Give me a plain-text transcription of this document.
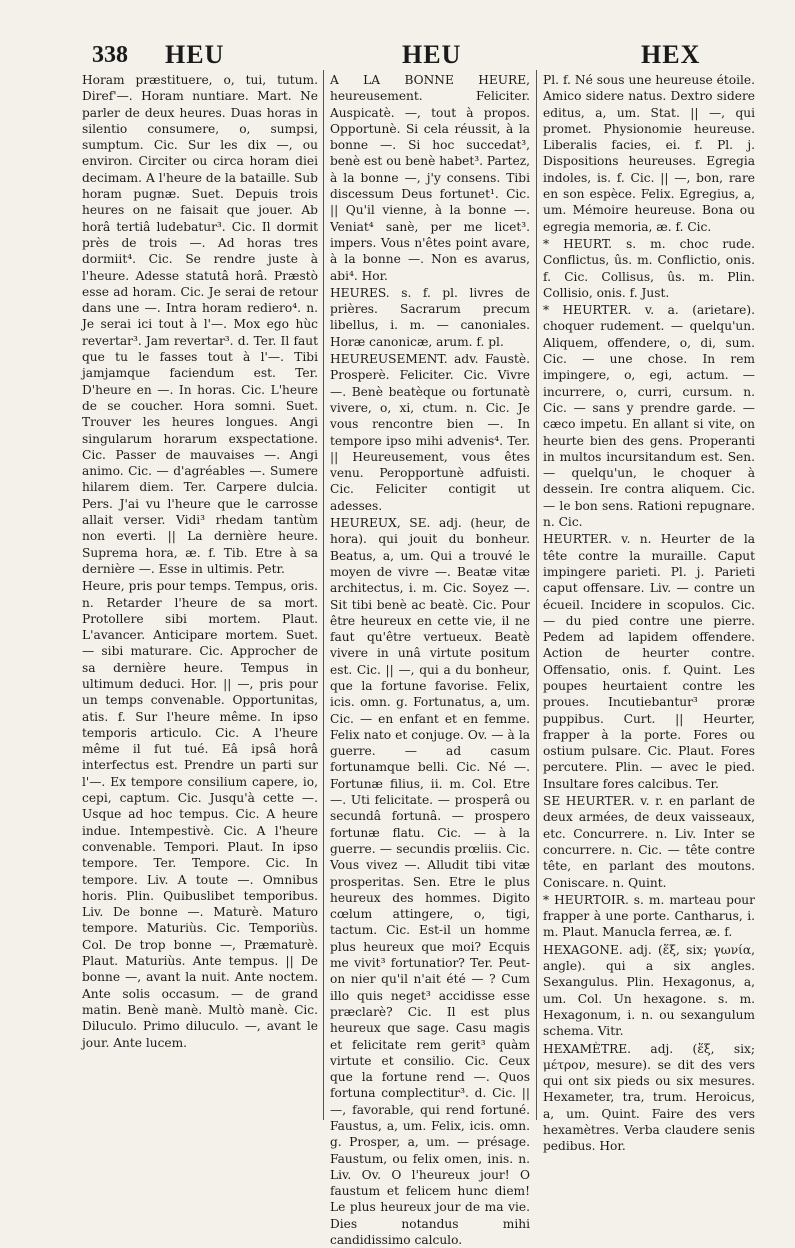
338 HEU	HEU	HEX

Horam præstituere, o, tui, tutum. Diref'—. Horam nuntiare. Mart. Ne parler de deux heures. Duas horas in silentio consumere, o, sumpsi, sumptum. Cic. Sur les dix —, ou environ. Circiter ou circa horam diei decimam. A l'heure de la bataille. Sub horam pugnæ. Suet. Depuis trois heures on ne faisait que jouer. Ab horâ tertiâ ludebatur³. Cic. Il dormit près de trois —. Ad horas tres dormiit⁴. Cic. Se rendre juste à l'heure. Adesse statutâ horâ. Præstò esse ad horam. Cic. Je serai de retour dans une —. Intra horam rediero⁴. n. Je serai ici tout à l'—. Mox ego hùc revertar³. Jam revertar³. d. Ter. Il faut que tu le fasses tout à l'—. Tibi jamjamque faciendum est. Ter. D'heure en —. In horas. Cic. L'heure de se coucher. Hora somni. Suet. Trouver les heures longues. Angi singularum horarum exspectatione. Cic. Passer de mauvaises —. Angi animo. Cic. — d'agréables —. Sumere hilarem diem. Ter. Carpere dulcia. Pers. J'ai vu l'heure que le carrosse allait verser. Vidi³ rhedam tantùm non everti. || La dernière heure. Suprema hora, æ. f. Tib. Etre à sa dernière —. Esse in ultimis. Petr.

Heure, pris pour temps. Tempus, oris. n. Retarder l'heure de sa mort. Protollere sibi mortem. Plaut. L'avancer. Anticipare mortem. Suet. — sibi maturare. Cic. Approcher de sa dernière heure. Tempus in ultimum deduci. Hor. || —, pris pour un temps convenable. Opportunitas, atis. f. Sur l'heure même. In ipso temporis articulo. Cic. A l'heure même il fut tué. Eâ ipsâ horâ interfectus est. Prendre un parti sur l'—. Ex tempore consilium capere, io, cepi, captum. Cic. Jusqu'à cette —. Usque ad hoc tempus. Cic. A heure indue. Intempestivè. Cic. A l'heure convenable. Tempori. Plaut. In ipso tempore. Ter. Tempore. Cic. In tempore. Liv. A toute —. Omnibus horis. Plin. Quibuslibet temporibus. Liv. De bonne —. Maturè. Maturo tempore. Maturiùs. Cic. Temporiùs. Col. De trop bonne —, Præmaturè. Plaut. Maturiùs. Ante tempus. || De bonne —, avant la nuit. Ante noctem. Ante solis occasum. — de grand matin. Benè manè. Multò manè. Cic. Diluculo. Primo diluculo. —, avant le jour. Ante lucem.

A LA BONNE HEURE, heureusement. Feliciter. Auspicatè. —, tout à propos. Opportunè. Si cela réussit, à la bonne —. Si hoc succedat³, benè est ou benè habet³. Partez, à la bonne —, j'y consens. Tibi discessum Deus fortunet¹. Cic. || Qu'il vienne, à la bonne —. Veniat⁴ sanè, per me licet³. impers. Vous n'êtes point avare, à la bonne —. Non es avarus, abi⁴. Hor.

HEURES. s. f. pl. livres de prières. Sacrarum precum libellus, i. m. — canoniales. Horæ canonicæ, arum. f. pl.

HEUREUSEMENT. adv. Faustè. Prosperè. Feliciter. Cic. Vivre —. Benè beatèque ou fortunatè vivere, o, xi, ctum. n. Cic. Je vous rencontre bien —. In tempore ipso mihi advenis⁴. Ter. || Heureusement, vous êtes venu. Peropportunè adfuisti. Cic. Feliciter contigit ut adesses.

HEUREUX, SE. adj. (heur, de hora). qui jouit du bonheur. Beatus, a, um. Qui a trouvé le moyen de vivre —. Beatæ vitæ architectus, i. m. Cic. Soyez —. Sit tibi benè ac beatè. Cic. Pour être heureux en cette vie, il ne faut qu'être vertueux. Beatè vivere in unâ virtute positum est. Cic. || —, qui a du bonheur, que la fortune favorise. Felix, icis. omn. g. Fortunatus, a, um. Cic. — en enfant et en femme. Felix nato et conjuge. Ov. — à la guerre. — ad casum fortunamque belli. Cic. Né —. Fortunæ filius, ii. m. Col. Etre —. Uti felicitate. — prosperâ ou secundâ fortunâ. — prospero fortunæ flatu. Cic. — à la guerre. — secundis prœliis. Cic. Vous vivez —. Alludit tibi vitæ prosperitas. Sen. Etre le plus heureux des hommes. Digito cœlum attingere, o, tigi, tactum. Cic. Est-il un homme plus heureux que moi? Ecquis me vivit³ fortunatior? Ter. Peut-on nier qu'il n'ait été — ? Cum illo quis neget³ accidisse esse præclarè? Cic. Il est plus heureux que sage. Casu magis et felicitate rem gerit³ quàm virtute et consilio. Cic. Ceux que la fortune rend —. Quos fortuna complectitur³. d. Cic. || —, favorable, qui rend fortuné. Faustus, a, um. Felix, icis. omn. g. Prosper, a, um. — présage. Faustum, ou felix omen, inis. n. Liv. Ov. O l'heureux jour! O faustum et felicem hunc diem! Le plus heureux jour de ma vie. Dies notandus mihi candidissimo calculo.

Pl. f. Né sous une heureuse étoile. Amico sidere natus. Dextro sidere editus, a, um. Stat. || —, qui promet. Physionomie heureuse. Liberalis facies, ei. f. Pl. j. Dispositions heureuses. Egregia indoles, is. f. Cic. || —, bon, rare en son espèce. Felix. Egregius, a, um. Mémoire heureuse. Bona ou egregia memoria, æ. f. Cic.

* HEURT. s. m. choc rude. Conflictus, ûs. m. Conflictio, onis. f. Cic. Collisus, ûs. m. Plin. Collisio, onis. f. Just.

* HEURTER. v. a. (arietare). choquer rudement. — quelqu'un. Aliquem, offendere, o, di, sum. Cic. — une chose. In rem impingere, o, egi, actum. — incurrere, o, curri, cursum. n. Cic. — sans y prendre garde. — cæco impetu. En allant si vite, on heurte bien des gens. Properanti in multos incursitandum est. Sen. — quelqu'un, le choquer à dessein. Ire contra aliquem. Cic. — le bon sens. Rationi repugnare. n. Cic.

HEURTER. v. n. Heurter de la tête contre la muraille. Caput impingere parieti. Pl. j. Parieti caput offensare. Liv. — contre un écueil. Incidere in scopulos. Cic. — du pied contre une pierre. Pedem ad lapidem offendere. Action de heurter contre. Offensatio, onis. f. Quint. Les poupes heurtaient contre les proues. Incutiebantur³ proræ puppibus. Curt. || Heurter, frapper à la porte. Fores ou ostium pulsare. Cic. Plaut. Fores percutere. Plin. — avec le pied. Insultare fores calcibus. Ter.

SE HEURTER. v. r. en parlant de deux armées, de deux vaisseaux, etc. Concurrere. n. Liv. Inter se concurrere. n. Cic. — tête contre tête, en parlant des moutons. Coniscare. n. Quint.

* HEURTOIR. s. m. marteau pour frapper à une porte. Cantharus, i. m. Plaut. Manucla ferrea, æ. f.

HEXAGONE. adj. (ἕξ, six; γωνία, angle). qui a six angles. Sexangulus. Plin. Hexagonus, a, um. Col. Un hexagone. s. m. Hexagonum, i. n. ou sexangulum schema. Vitr.

HEXAMÈTRE. adj. (ἕξ, six; μέτρον, mesure). se dit des vers qui ont six pieds ou six mesures. Hexameter, tra, trum. Heroicus, a, um. Quint. Faire des vers hexamètres. Verba claudere senis pedibus. Hor.
